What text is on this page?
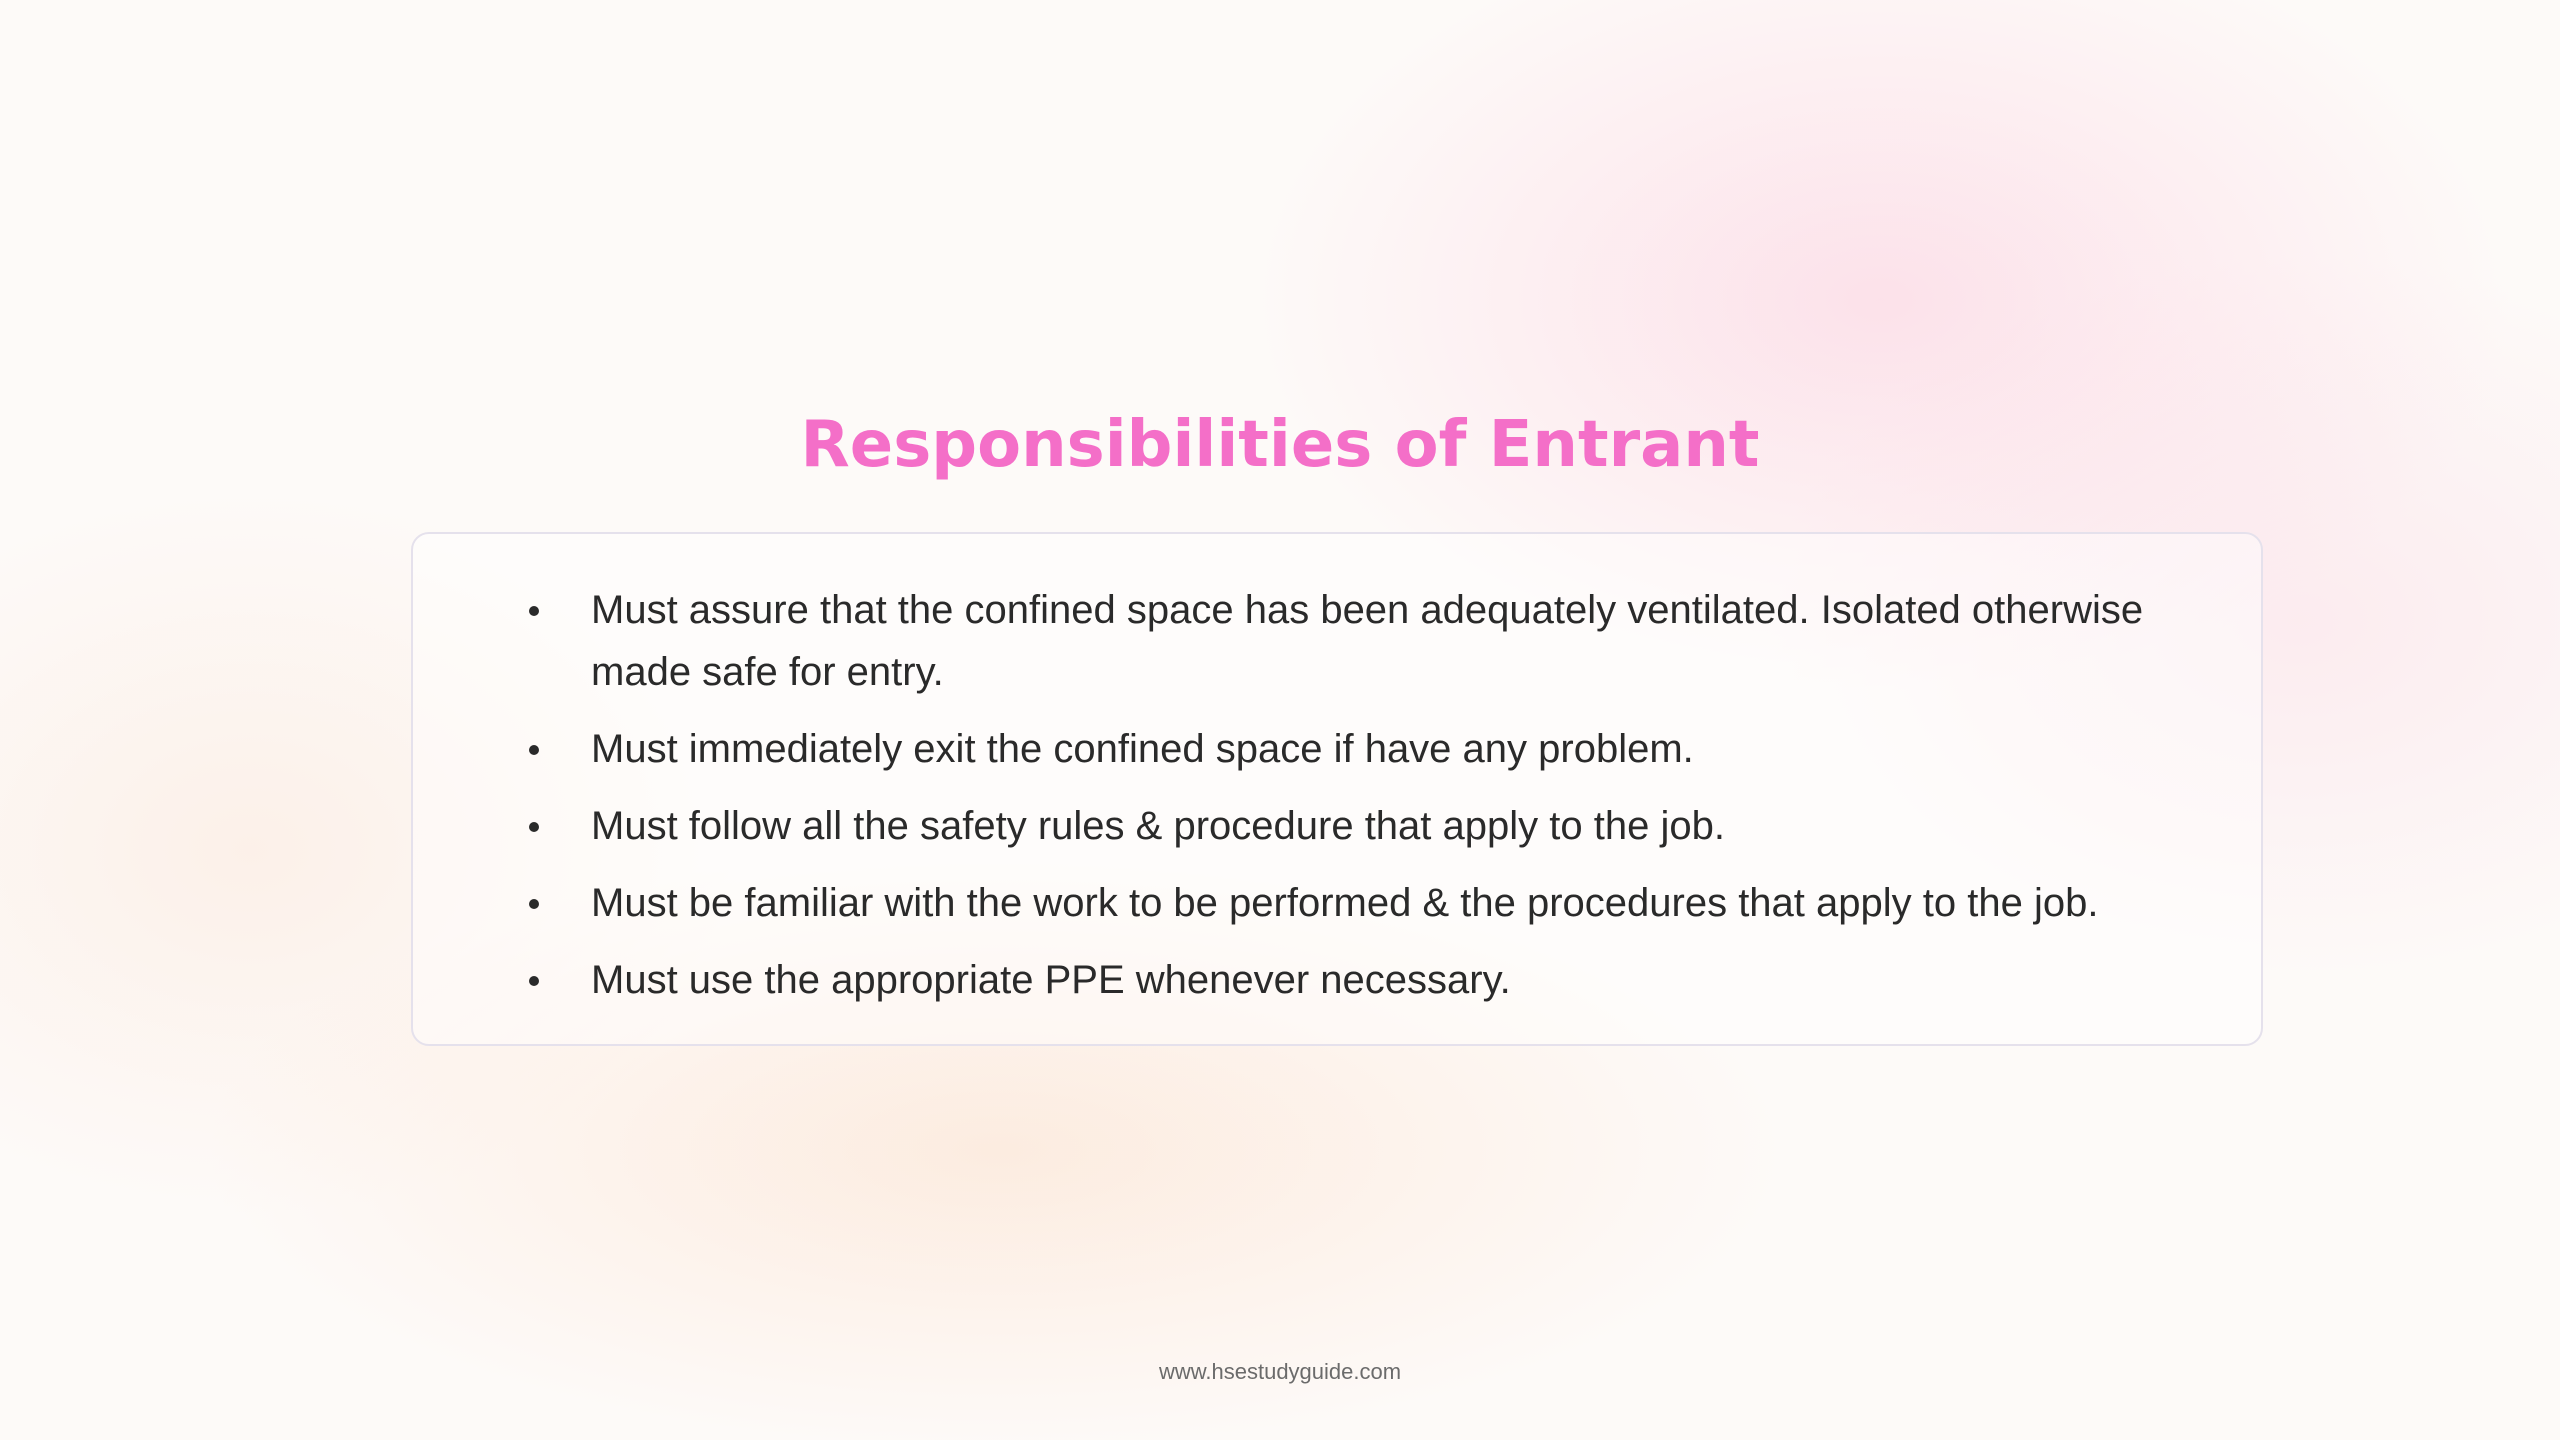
Responsibilities of Entrant
Must assure that the confined space has been adequately ventilated. Isolated otherwise made safe for entry.
Must immediately exit the confined space if have any problem.
Must follow all the safety rules & procedure that apply to the job.
Must be familiar with the work to be performed & the procedures that apply to the job.
Must use the appropriate PPE whenever necessary.
www.hsestudyguide.com
